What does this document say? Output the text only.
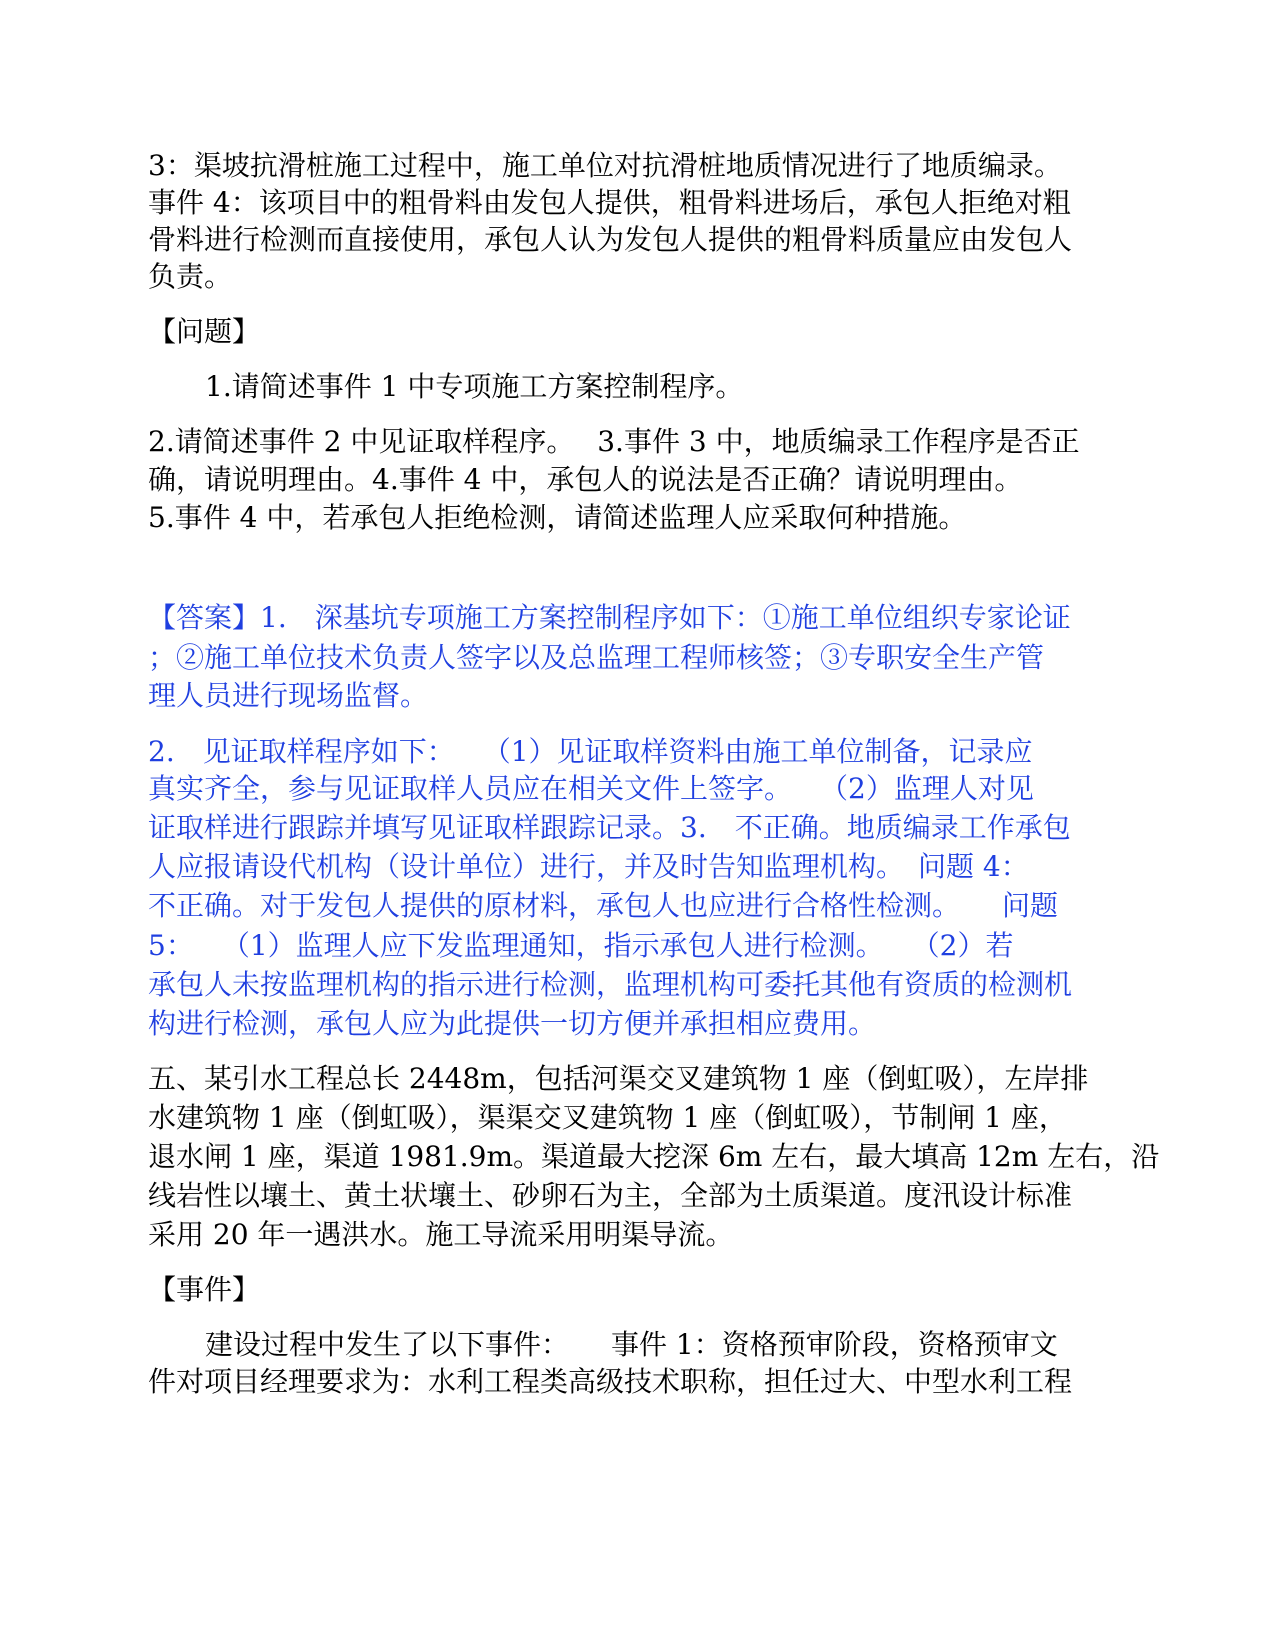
3：渠坡抗滑桩施工过程中，施工单位对抗滑桩地质情况进行了地质编录。
事件 4：该项目中的粗骨料由发包人提供，粗骨料进场后，承包人拒绝对粗
骨料进行检测而直接使用，承包人认为发包人提供的粗骨料质量应由发包人
负责。
【问题】
1.请简述事件 1 中专项施工方案控制程序。
2.请简述事件 2 中见证取样程序。　 3.事件 3 中，地质编录工作程序是否正
确，请说明理由。4.事件 4 中，承包人的说法是否正确？请说明理由。
5.事件 4 中，若承包人拒绝检测，请简述监理人应采取何种措施。
【答案】1.　深基坑专项施工方案控制程序如下：①施工单位组织专家论证
；②施工单位技术负责人签字以及总监理工程师核签；③专职安全生产管
理人员进行现场监督。
2.　见证取样程序如下：　　（1）见证取样资料由施工单位制备，记录应
真实齐全，参与见证取样人员应在相关文件上签字。　　（2）监理人对见
证取样进行跟踪并填写见证取样跟踪记录。3.　不正确。地质编录工作承包
人应报请设代机构（设计单位）进行，并及时告知监理机构。　问题 4：
不正确。对于发包人提供的原材料，承包人也应进行合格性检测。　　问题
5：　　（1）监理人应下发监理通知，指示承包人进行检测。　　（2）若
承包人未按监理机构的指示进行检测，监理机构可委托其他有资质的检测机
构进行检测，承包人应为此提供一切方便并承担相应费用。
五、某引水工程总长 2448m，包括河渠交叉建筑物 1 座（倒虹吸），左岸排
水建筑物 1 座（倒虹吸），渠渠交叉建筑物 1 座（倒虹吸），节制闸 1 座，
退水闸 1 座，渠道 1981.9m。渠道最大挖深 6m 左右，最大填高 12m 左右，沿
线岩性以壤土、黄土状壤土、砂卵石为主，全部为土质渠道。度汛设计标准
采用 20 年一遇洪水。施工导流采用明渠导流。
【事件】
建设过程中发生了以下事件：　　事件 1：资格预审阶段，资格预审文
件对项目经理要求为：水利工程类高级技术职称，担任过大、中型水利工程
